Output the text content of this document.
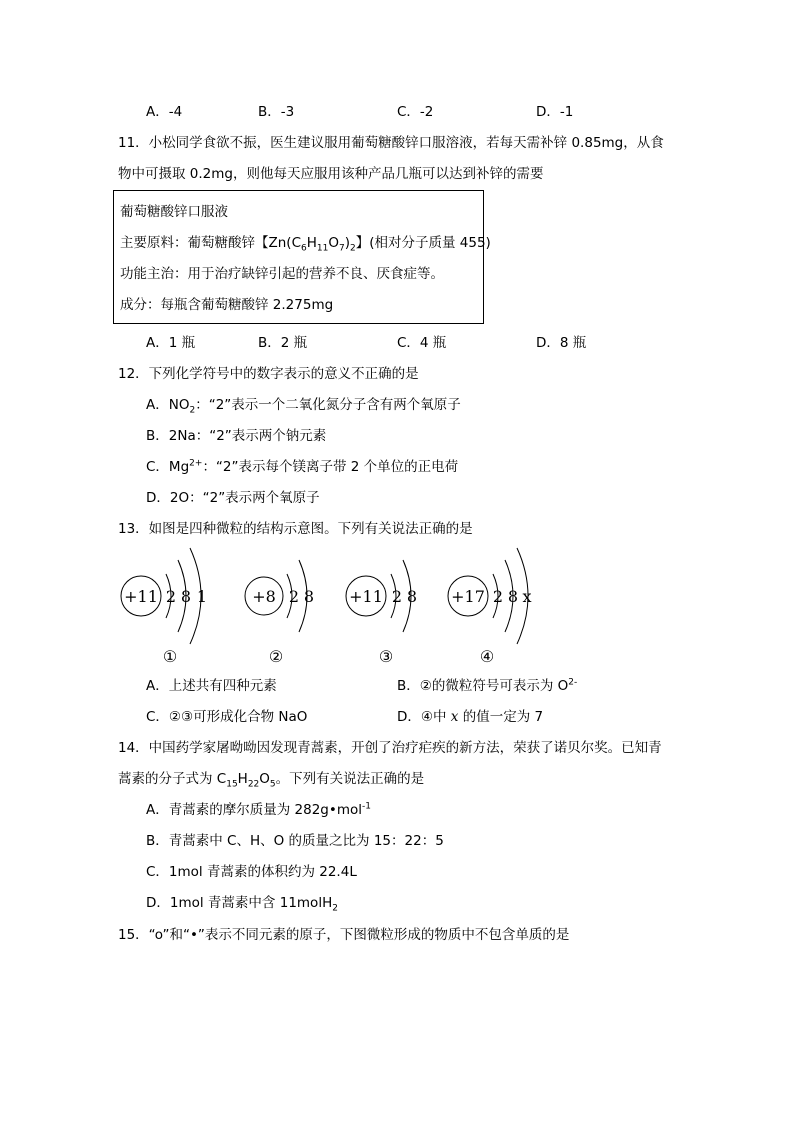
A．-4	B．-3	C．-2	D．-1
11．小松同学食欲不振，医生建议服用葡萄糖酸锌口服溶液，若每天需补锌 0.85mg，从食
物中可摄取 0.2mg，则他每天应服用该种产品几瓶可以达到补锌的需要
葡萄糖酸锌口服液
主要原料：葡萄糖酸锌【$Zn(C_6H_{11}O_7)_2$】(相对分子质量 455)
功能主治：用于治疗缺锌引起的营养不良、厌食症等。
成分：每瓶含葡萄糖酸锌 2.275mg
A．1 瓶	B．2 瓶	C．4 瓶	D．8 瓶
12．下列化学符号中的数字表示的意义不正确的是
A．$NO_2$：“2”表示一个二氧化氮分子含有两个氧原子
B．2Na：“2”表示两个钠元素
C．$Mg^{2+}$：“2”表示每个镁离子带 2 个单位的正电荷
D．2O：“2”表示两个氧原子
13．如图是四种微粒的结构示意图。下列有关说法正确的是
+11 2 8 1
①
+8 2 8
②
+11 2 8
③
+17 2 8 x
④
A．上述共有四种元素	B．②的微粒符号可表示为 $O^{2-}$
C．②③可形成化合物 NaO	D．④中 x 的值一定为 7
14．中国药学家屠呦呦因发现青蒿素，开创了治疗疟疾的新方法，荣获了诺贝尔奖。已知青
蒿素的分子式为 $C_{15}H_{22}O_5$。下列有关说法正确的是
A．青蒿素的摩尔质量为 282g•mol$^{-1}$
B．青蒿素中 C、H、O 的质量之比为 15：22：5
C．1mol 青蒿素的体积约为 22.4L
D．1mol 青蒿素中含 11molH$_2$
15．“o”和“•”表示不同元素的原子，下图微粒形成的物质中不包含单质的是
